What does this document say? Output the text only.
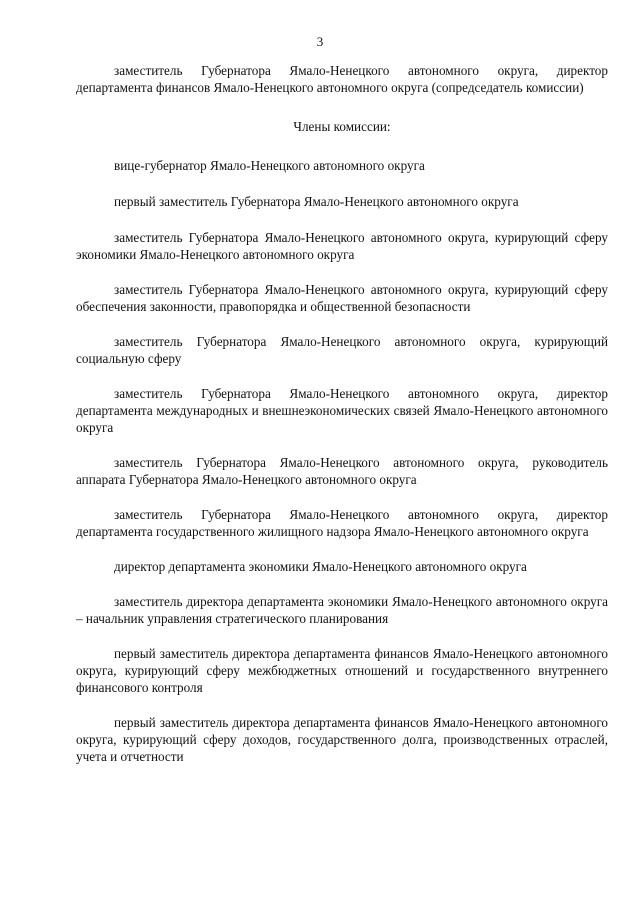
3

заместитель Губернатора Ямало-Ненецкого автономного округа, директор департамента финансов Ямало-Ненецкого автономного округа (сопредседатель комиссии)

Члены комиссии:

вице-губернатор Ямало-Ненецкого автономного округа

первый заместитель Губернатора Ямало-Ненецкого автономного округа

заместитель Губернатора Ямало-Ненецкого автономного округа, курирующий сферу экономики Ямало-Ненецкого автономного округа

заместитель Губернатора Ямало-Ненецкого автономного округа, курирующий сферу обеспечения законности, правопорядка и общественной безопасности

заместитель Губернатора Ямало-Ненецкого автономного округа, курирующий социальную сферу

заместитель Губернатора Ямало-Ненецкого автономного округа, директор департамента международных и внешнеэкономических связей Ямало-Ненецкого автономного округа

заместитель Губернатора Ямало-Ненецкого автономного округа, руководитель аппарата Губернатора Ямало-Ненецкого автономного округа

заместитель Губернатора Ямало-Ненецкого автономного округа, директор департамента государственного жилищного надзора Ямало-Ненецкого автономного округа

директор департамента экономики Ямало-Ненецкого автономного округа

заместитель директора департамента экономики Ямало-Ненецкого автономного округа – начальник управления стратегического планирования

первый заместитель директора департамента финансов Ямало-Ненецкого автономного округа, курирующий сферу межбюджетных отношений и государственного внутреннего финансового контроля

первый заместитель директора департамента финансов Ямало-Ненецкого автономного округа, курирующий сферу доходов, государственного долга, производственных отраслей, учета и отчетности
